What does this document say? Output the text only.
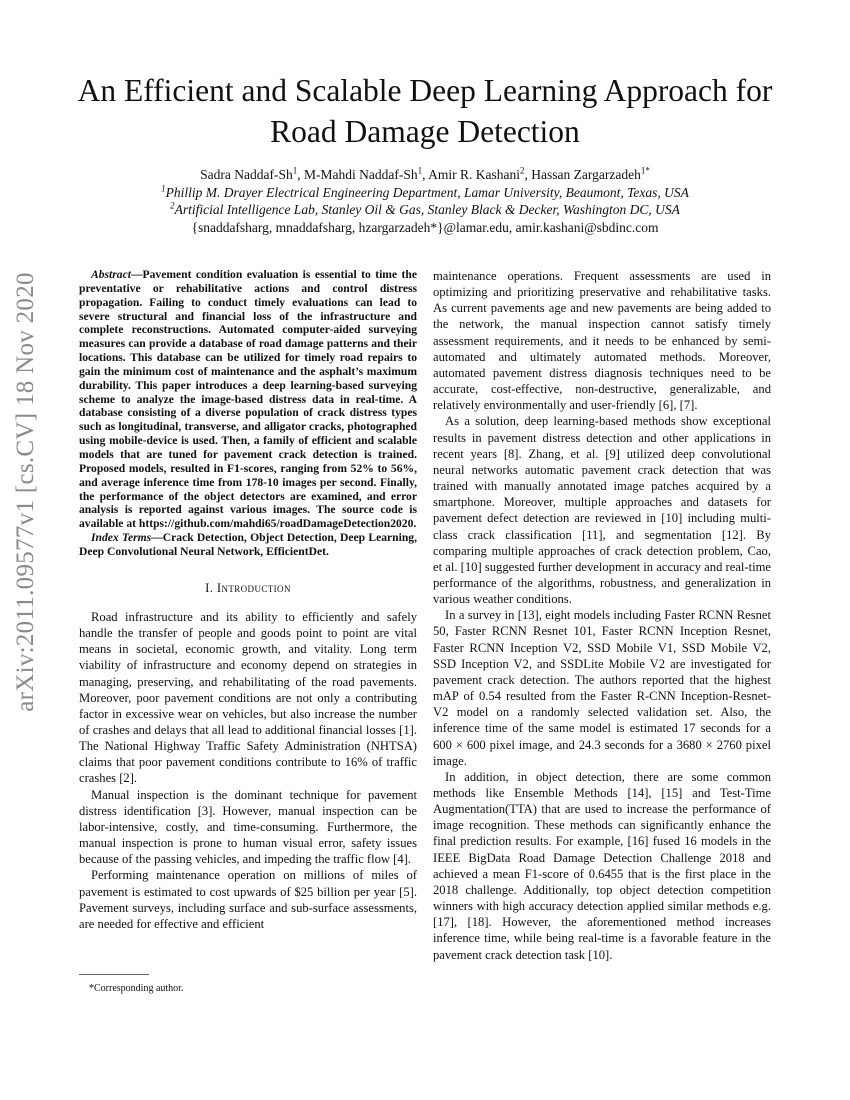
arXiv:2011.09577v1 [cs.CV] 18 Nov 2020
An Efficient and Scalable Deep Learning Approach for Road Damage Detection
Sadra Naddaf-Sh$^1$, M-Mahdi Naddaf-Sh$^1$, Amir R. Kashani$^2$, Hassan Zargarzadeh$^{1*}$
$^1$Phillip M. Drayer Electrical Engineering Department, Lamar University, Beaumont, Texas, USA
$^2$Artificial Intelligence Lab, Stanley Oil & Gas, Stanley Black & Decker, Washington DC, USA
{snaddafsharg, mnaddafsharg, hzargarzadeh*}@lamar.edu, amir.kashani@sbdinc.com

Abstract—Pavement condition evaluation is essential to time the preventative or rehabilitative actions and control distress propagation. Failing to conduct timely evaluations can lead to severe structural and financial loss of the infrastructure and complete reconstructions. Automated computer-aided surveying measures can provide a database of road damage patterns and their locations. This database can be utilized for timely road repairs to gain the minimum cost of maintenance and the asphalt’s maximum durability. This paper introduces a deep learning-based surveying scheme to analyze the image-based distress data in real-time. A database consisting of a diverse population of crack distress types such as longitudinal, transverse, and alligator cracks, photographed using mobile-device is used. Then, a family of efficient and scalable models that are tuned for pavement crack detection is trained. Proposed models, resulted in F1-scores, ranging from 52% to 56%, and average inference time from 178-10 images per second. Finally, the performance of the object detectors are examined, and error analysis is reported against various images. The source code is available at https://github.com/mahdi65/roadDamageDetection2020.

Index Terms—Crack Detection, Object Detection, Deep Learning, Deep Convolutional Neural Network, EfficientDet.

I. Introduction

Road infrastructure and its ability to efficiently and safely handle the transfer of people and goods point to point are vital means in societal, economic growth, and vitality. Long term viability of infrastructure and economy depend on strategies in managing, preserving, and rehabilitating of the road pavements. Moreover, poor pavement conditions are not only a contributing factor in excessive wear on vehicles, but also increase the number of crashes and delays that all lead to additional financial losses [1]. The National Highway Traffic Safety Administration (NHTSA) claims that poor pavement conditions contribute to 16% of traffic crashes [2].

Manual inspection is the dominant technique for pavement distress identification [3]. However, manual inspection can be labor-intensive, costly, and time-consuming. Furthermore, the manual inspection is prone to human visual error, safety issues because of the passing vehicles, and impeding the traffic flow [4].

Performing maintenance operation on millions of miles of pavement is estimated to cost upwards of $25 billion per year [5]. Pavement surveys, including surface and sub-surface assessments, are needed for effective and efficient

*Corresponding author.

maintenance operations. Frequent assessments are used in optimizing and prioritizing preservative and rehabilitative tasks. As current pavements age and new pavements are being added to the network, the manual inspection cannot satisfy timely assessment requirements, and it needs to be enhanced by semi-automated and ultimately automated methods. Moreover, automated pavement distress diagnosis techniques need to be accurate, cost-effective, non-destructive, generalizable, and relatively environmentally and user-friendly [6], [7].

As a solution, deep learning-based methods show exceptional results in pavement distress detection and other applications in recent years [8]. Zhang, et al. [9] utilized deep convolutional neural networks automatic pavement crack detection that was trained with manually annotated image patches acquired by a smartphone. Moreover, multiple approaches and datasets for pavement defect detection are reviewed in [10] including multi-class crack classification [11], and segmentation [12]. By comparing multiple approaches of crack detection problem, Cao, et al. [10] suggested further development in accuracy and real-time performance of the algorithms, robustness, and generalization in various weather conditions.

In a survey in [13], eight models including Faster RCNN Resnet 50, Faster RCNN Resnet 101, Faster RCNN Inception Resnet, Faster RCNN Inception V2, SSD Mobile V1, SSD Mobile V2, SSD Inception V2, and SSDLite Mobile V2 are investigated for pavement crack detection. The authors reported that the highest mAP of 0.54 resulted from the Faster R-CNN Inception-Resnet-V2 model on a randomly selected validation set. Also, the inference time of the same model is estimated 17 seconds for a 600 × 600 pixel image, and 24.3 seconds for a 3680 × 2760 pixel image.

In addition, in object detection, there are some common methods like Ensemble Methods [14], [15] and Test-Time Augmentation(TTA) that are used to increase the performance of image recognition. These methods can significantly enhance the final prediction results. For example, [16] fused 16 models in the IEEE BigData Road Damage Detection Challenge 2018 and achieved a mean F1-score of 0.6455 that is the first place in the 2018 challenge. Additionally, top object detection competition winners with high accuracy detection applied similar methods e.g. [17], [18]. However, the aforementioned method increases inference time, while being real-time is a favorable feature in the pavement crack detection task [10].
